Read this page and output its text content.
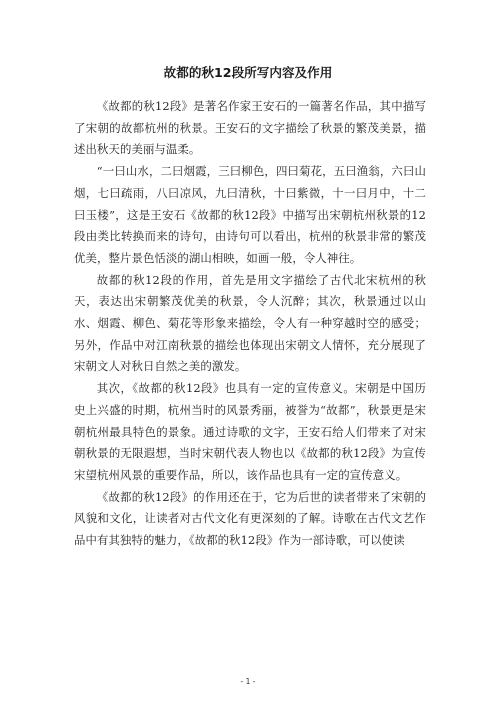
故都的秋12段所写内容及作用

《故都的秋12段》是著名作家王安石的一篇著名作品，其中描写了宋朝的故都杭州的秋景。王安石的文字描绘了秋景的繁茂美景，描述出秋天的美丽与温柔。

“一曰山水，二曰烟霞，三曰柳色，四曰菊花，五曰渔翁，六曰山烟，七曰疏雨，八曰凉风，九曰清秋，十曰紫微，十一曰月中，十二曰玉楼”，这是王安石《故都的秋12段》中描写出宋朝杭州秋景的12段由类比转换而来的诗句，由诗句可以看出，杭州的秋景非常的繁茂优美，整片景色恬淡的湖山相映，如画一般，令人神往。

故都的秋12段的作用，首先是用文字描绘了古代北宋杭州的秋天，表达出宋朝繁茂优美的秋景，令人沉醉；其次，秋景通过以山水、烟霞、柳色、菊花等形象来描绘，令人有一种穿越时空的感受；另外，作品中对江南秋景的描绘也体现出宋朝文人情怀，充分展现了宋朝文人对秋日自然之美的激发。

其次，《故都的秋12段》也具有一定的宣传意义。宋朝是中国历史上兴盛的时期，杭州当时的风景秀丽，被誉为“故都”，秋景更是宋朝杭州最具特色的景象。通过诗歌的文字，王安石给人们带来了对宋朝秋景的无限遐想，当时宋朝代表人物也以《故都的秋12段》为宣传宋望杭州风景的重要作品，所以，该作品也具有一定的宣传意义。

《故都的秋12段》的作用还在于，它为后世的读者带来了宋朝的风貌和文化，让读者对古代文化有更深刻的了解。诗歌在古代文艺作品中有其独特的魅力，《故都的秋12段》作为一部诗歌，可以使读

- 1 -
